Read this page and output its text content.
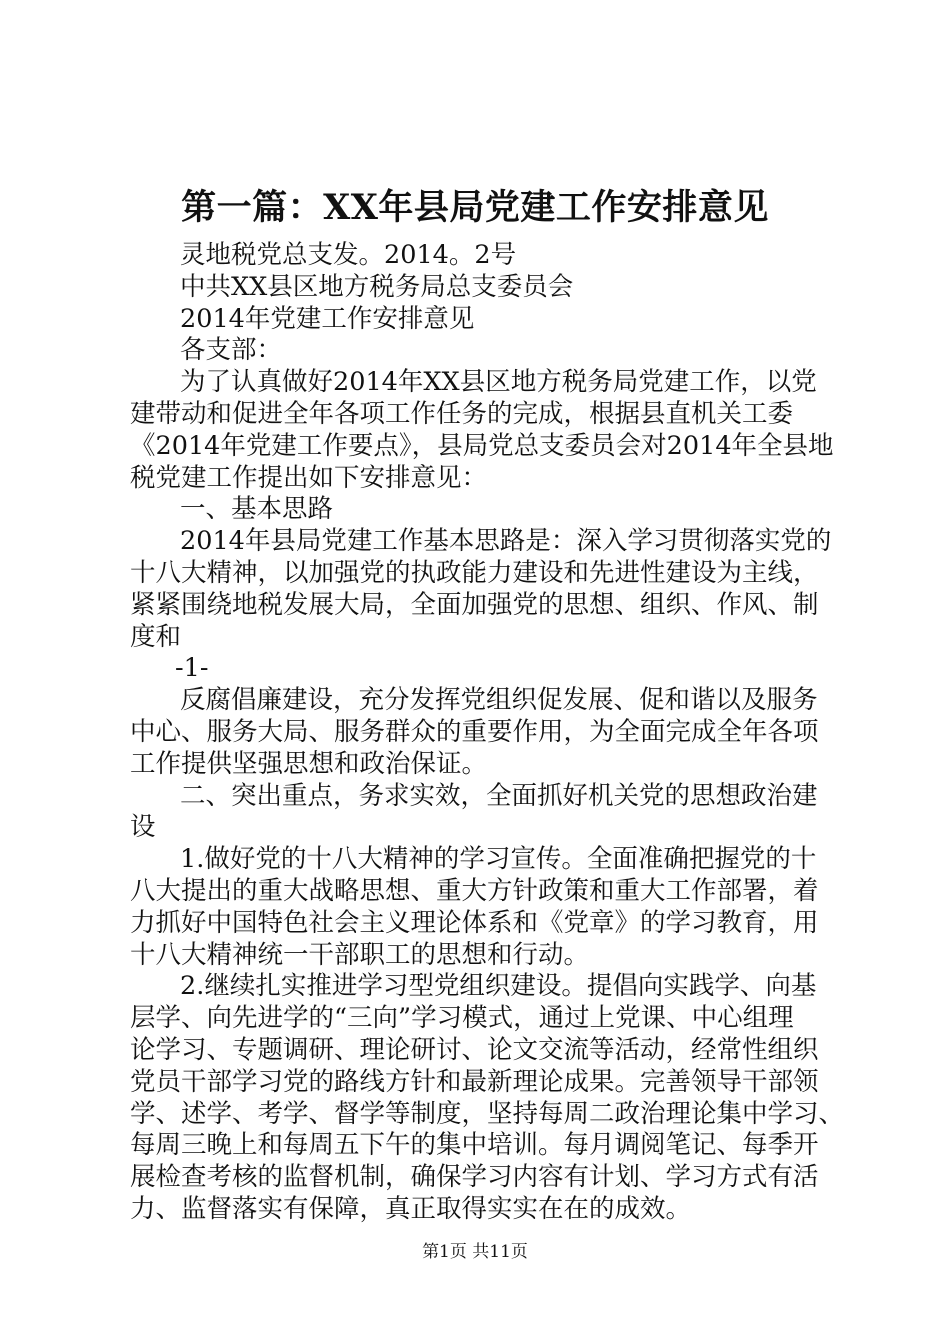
第一篇：XX年县局党建工作安排意见
灵地税党总支发。2014。2号
中共XX县区地方税务局总支委员会
2014年党建工作安排意见
各支部：
为了认真做好2014年XX县区地方税务局党建工作，以党
建带动和促进全年各项工作任务的完成，根据县直机关工委
《2014年党建工作要点》，县局党总支委员会对2014年全县地
税党建工作提出如下安排意见：
一、基本思路
2014年县局党建工作基本思路是：深入学习贯彻落实党的
十八大精神，以加强党的执政能力建设和先进性建设为主线，
紧紧围绕地税发展大局，全面加强党的思想、组织、作风、制
度和
-1-
反腐倡廉建设，充分发挥党组织促发展、促和谐以及服务
中心、服务大局、服务群众的重要作用，为全面完成全年各项
工作提供坚强思想和政治保证。
二、突出重点，务求实效，全面抓好机关党的思想政治建
设
1.做好党的十八大精神的学习宣传。全面准确把握党的十
八大提出的重大战略思想、重大方针政策和重大工作部署，着
力抓好中国特色社会主义理论体系和《党章》的学习教育，用
十八大精神统一干部职工的思想和行动。
2.继续扎实推进学习型党组织建设。提倡向实践学、向基
层学、向先进学的“三向”学习模式，通过上党课、中心组理
论学习、专题调研、理论研讨、论文交流等活动，经常性组织
党员干部学习党的路线方针和最新理论成果。完善领导干部领
学、述学、考学、督学等制度，坚持每周二政治理论集中学习、
每周三晚上和每周五下午的集中培训。每月调阅笔记、每季开
展检查考核的监督机制，确保学习内容有计划、学习方式有活
力、监督落实有保障，真正取得实实在在的成效。
第1页 共11页
